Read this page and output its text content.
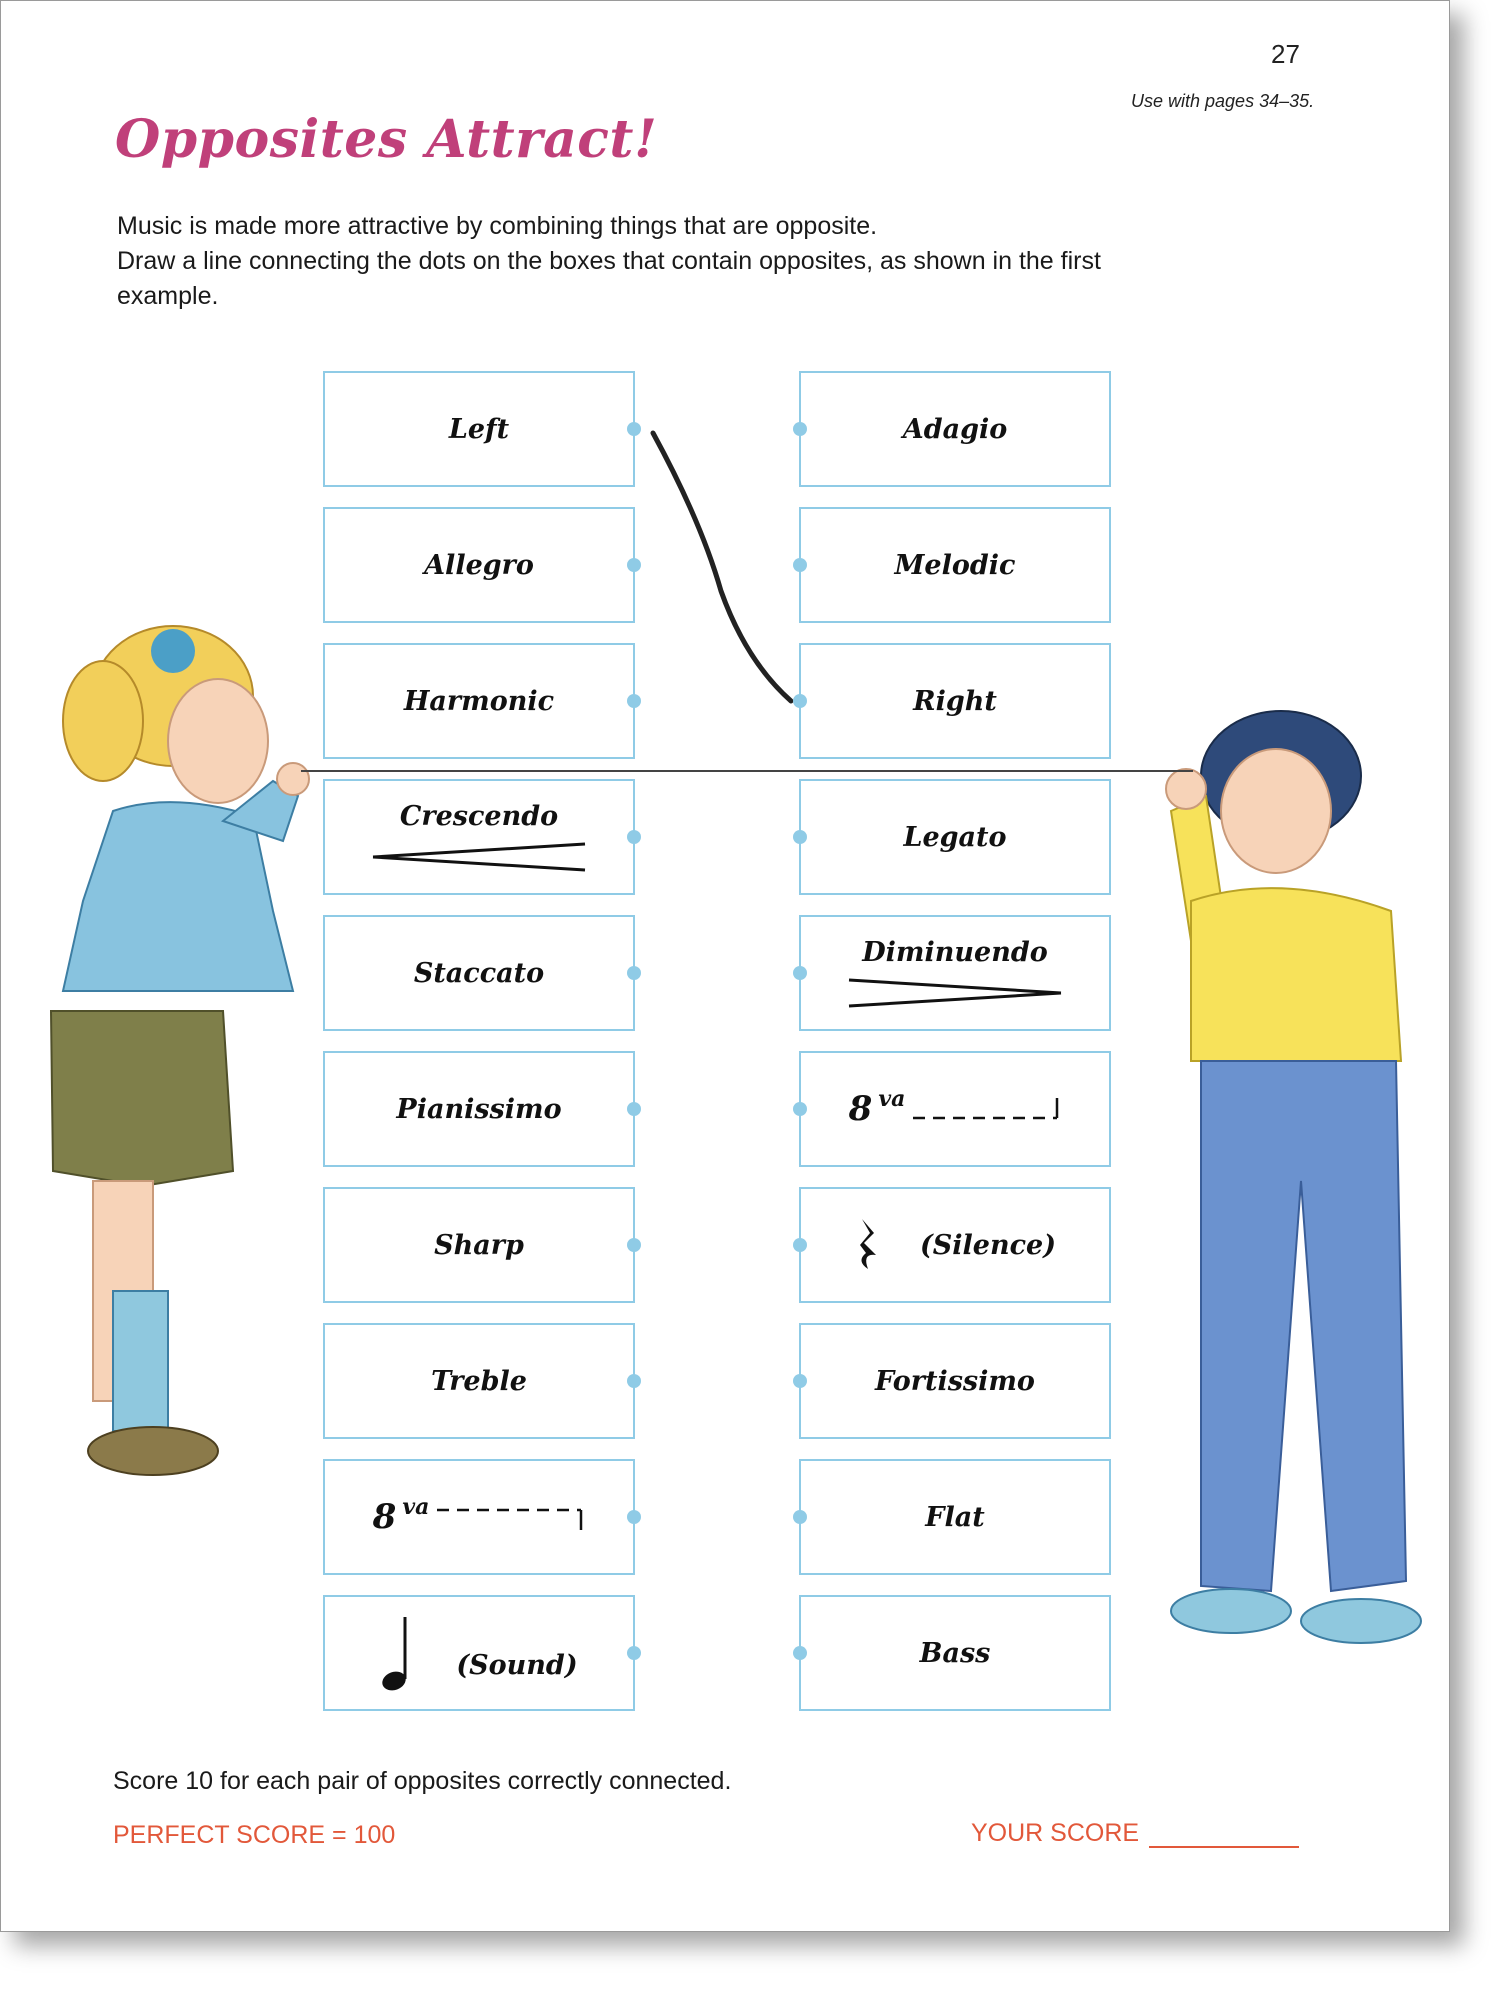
27
Use with pages 34–35.
Opposites Attract!

Music is made more attractive by combining things that are opposite.

Draw a line connecting the dots on the boxes that contain opposites, as shown in the first example.

Left
Allegro
Harmonic
Crescendo
Staccato
Pianissimo
Sharp
Treble
8 va
(Sound)
Adagio
Melodic
Right
Legato
Diminuendo
8 va
(Silence)
Fortissimo
Flat
Bass
Score 10 for each pair of opposites correctly connected.
PERFECT SCORE = 100	YOUR SCORE
